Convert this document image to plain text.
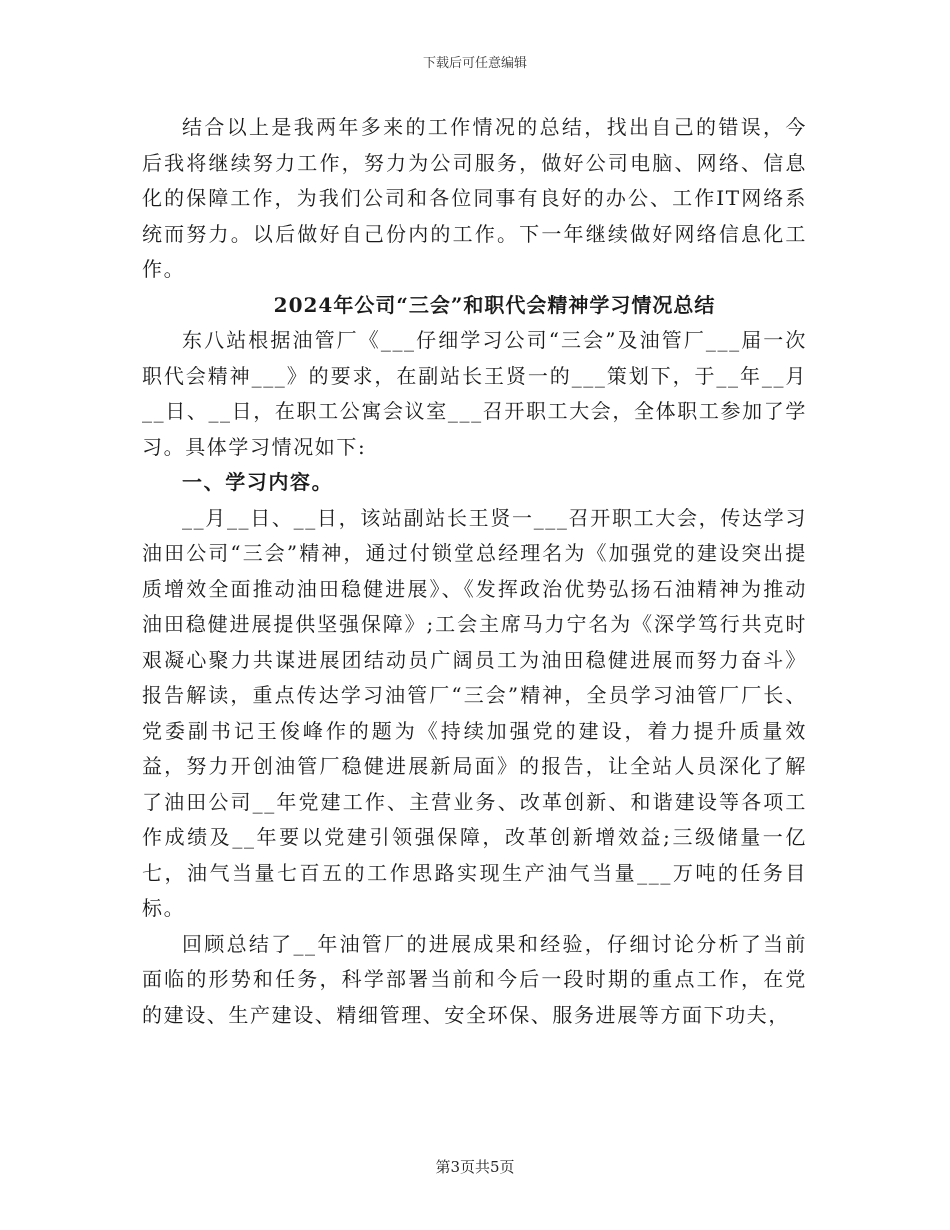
下载后可任意编辑

结合以上是我两年多来的工作情况的总结，找出自己的错误，今后我将继续努力工作，努力为公司服务，做好公司电脑、网络、信息化的保障工作，为我们公司和各位同事有良好的办公、工作IT网络系统而努力。以后做好自己份内的工作。下一年继续做好网络信息化工作。

2024年公司“三会”和职代会精神学习情况总结

东八站根据油管厂《___仔细学习公司“三会”及油管厂___届一次职代会精神___》的要求，在副站长王贤一的___策划下，于__年__月__日、__日，在职工公寓会议室___召开职工大会，全体职工参加了学习。具体学习情况如下:

一、学习内容。

__月__日、__日，该站副站长王贤一___召开职工大会，传达学习油田公司“三会”精神，通过付锁堂总经理名为《加强党的建设突出提质增效全面推动油田稳健进展》、《发挥政治优势弘扬石油精神为推动油田稳健进展提供坚强保障》;工会主席马力宁名为《深学笃行共克时艰凝心聚力共谋进展团结动员广阔员工为油田稳健进展而努力奋斗》报告解读，重点传达学习油管厂“三会”精神，全员学习油管厂厂长、党委副书记王俊峰作的题为《持续加强党的建设，着力提升质量效益，努力开创油管厂稳健进展新局面》的报告，让全站人员深化了解了油田公司__年党建工作、主营业务、改革创新、和谐建设等各项工作成绩及__年要以党建引领强保障，改革创新增效益;三级储量一亿七，油气当量七百五的工作思路实现生产油气当量___万吨的任务目标。

回顾总结了__年油管厂的进展成果和经验，仔细讨论分析了当前面临的形势和任务，科学部署当前和今后一段时期的重点工作，在党的建设、生产建设、精细管理、安全环保、服务进展等方面下功夫，

第3页共5页
